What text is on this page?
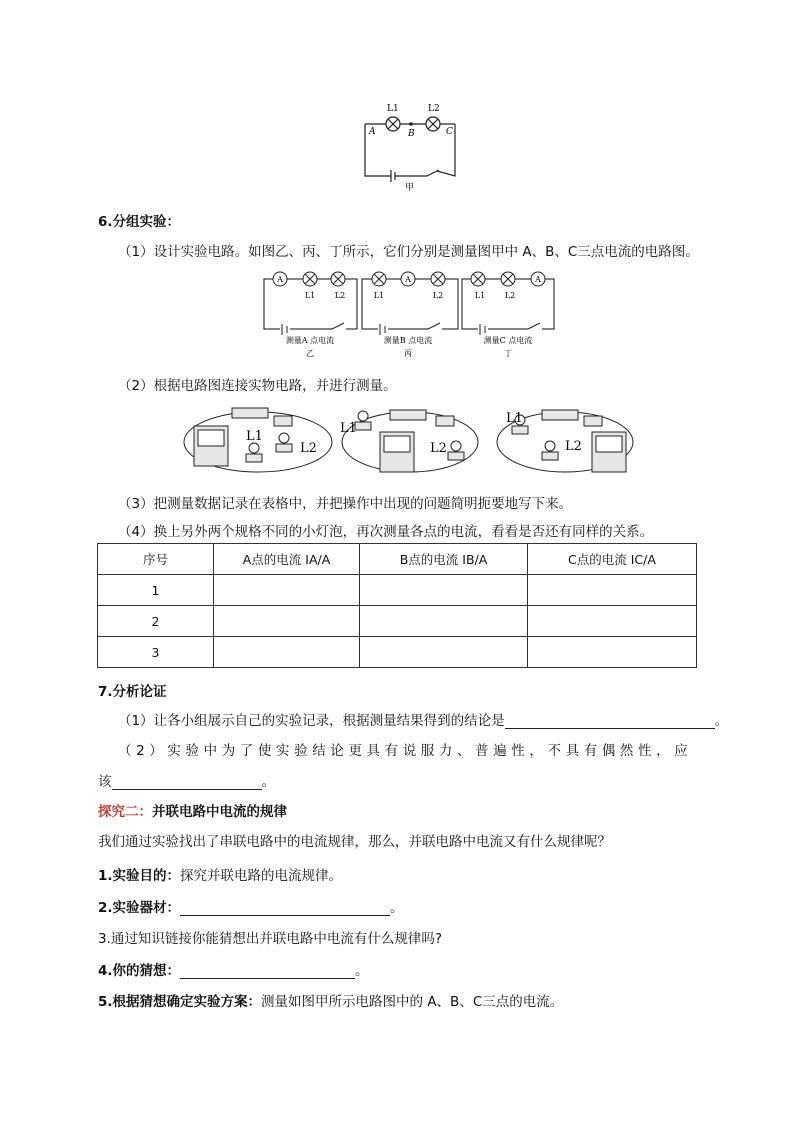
A	B	C
L1	L2
甲
6.分组实验：
（1）设计实验电路。如图乙、丙、丁所示，它们分别是测量图甲中 A、B、C三点电流的电路图。
A	A	A
L1 L2	L1	L2	L1 L2
测量A 点电流
乙
测量B 点电流
丙
测量C 点电流
丁
（2）根据电路图连接实物电路，并进行测量。
L1
L2
L1
L2
L1
L2
（3）把测量数据记录在表格中，并把操作中出现的问题简明扼要地写下来。
（4）换上另外两个规格不同的小灯泡，再次测量各点的电流，看看是否还有同样的关系。
序号	A点的电流 IA/A	B点的电流 IB/A	C点的电流 IC/A
1			
2			
3			
7.分析论证
（1）让各小组展示自己的实验记录，根据测量结果得到的结论是	。
（2）实验中为了使实验结论更具有说服力、普遍性，不具有偶然性，应
该	。
探究二：并联电路中电流的规律
我们通过实验找出了串联电路中的电流规律，那么，并联电路中电流又有什么规律呢？
1.实验目的：探究并联电路的电流规律。
2.实验器材：	。
3.通过知识链接你能猜想出并联电路中电流有什么规律吗?
4.你的猜想：	。
5.根据猜想确定实验方案：测量如图甲所示电路图中的 A、B、C三点的电流。
